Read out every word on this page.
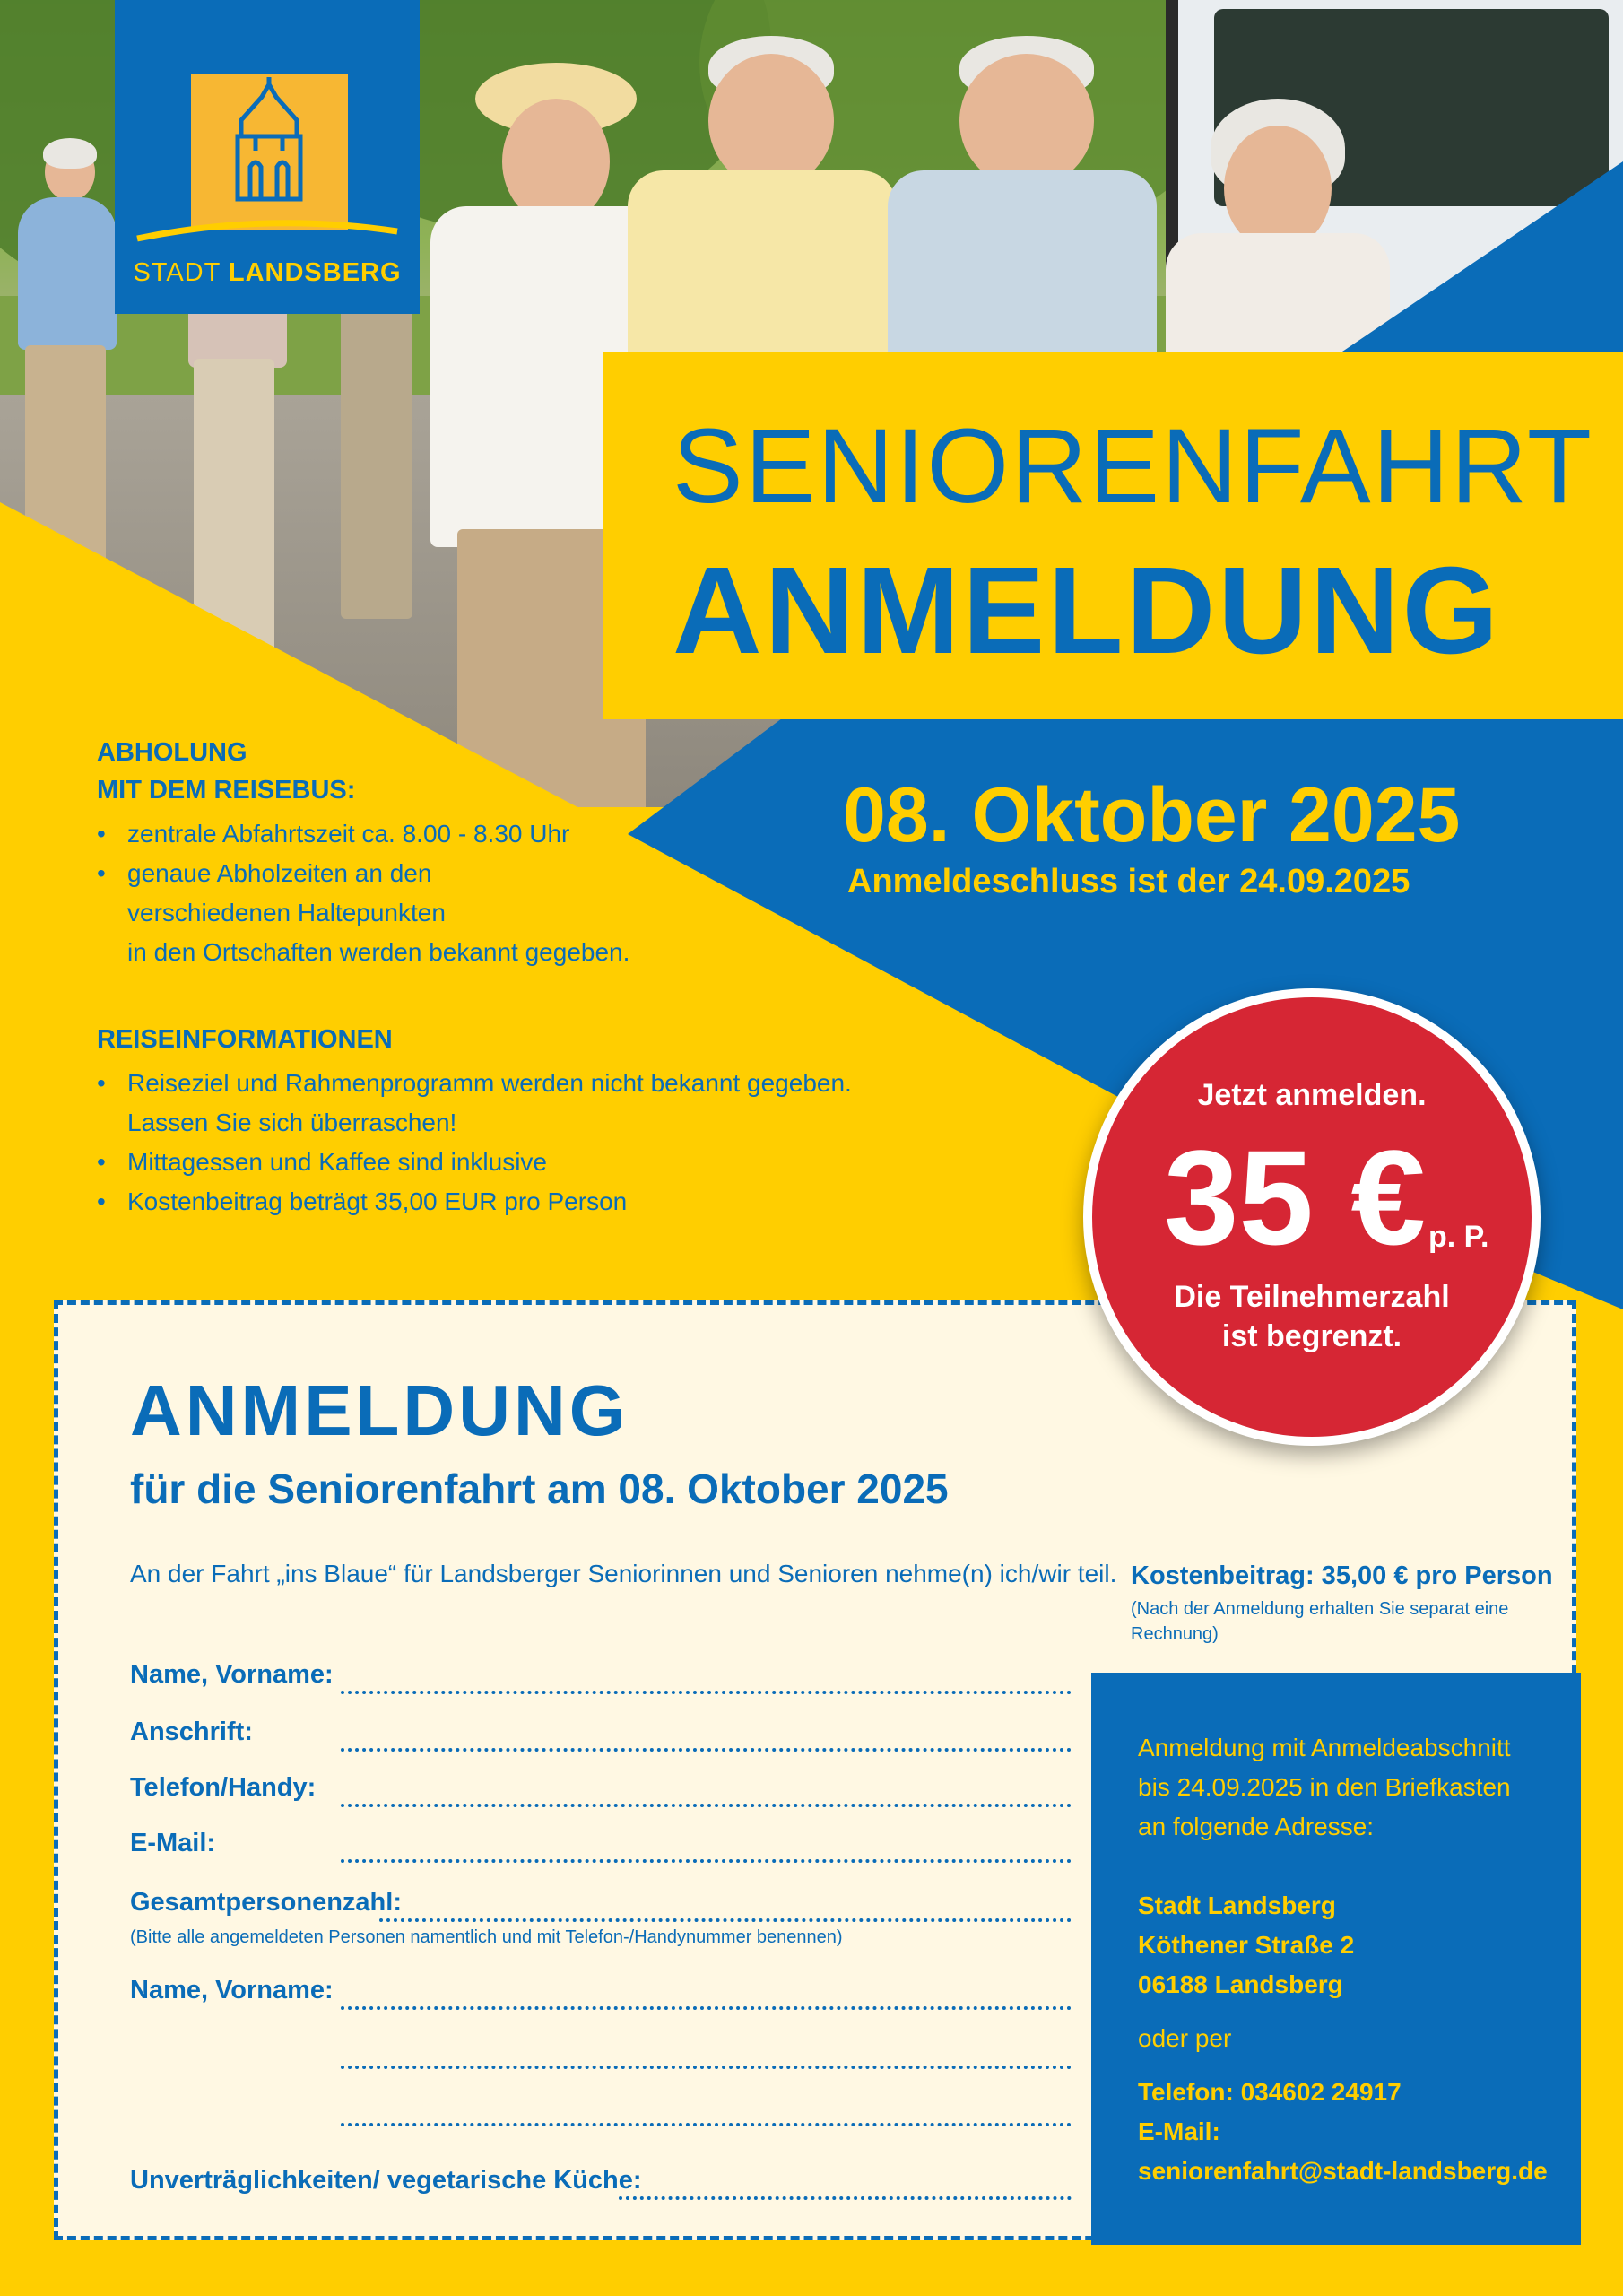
STADT LANDSBERG
SENIORENFAHRT
ANMELDUNG
08. Oktober 2025
Anmeldeschluss ist der 24.09.2025
ABHOLUNG
MIT DEM REISEBUS:
• zentrale Abfahrtszeit ca. 8.00 - 8.30 Uhr
• genaue Abholzeiten an den
verschiedenen Haltepunkten
in den Ortschaften werden bekannt gegeben.
REISEINFORMATIONEN
• Reiseziel und Rahmenprogramm werden nicht bekannt gegeben.
Lassen Sie sich überraschen!
• Mittagessen und Kaffee sind inklusive
• Kostenbeitrag beträgt 35,00 EUR pro Person
ANMELDUNG
für die Seniorenfahrt am 08. Oktober 2025
An der Fahrt „ins Blaue“ für Landsberger Seniorinnen und Senioren nehme(n) ich/wir teil.
Name, Vorname:
Anschrift:
Telefon/Handy:
E-Mail:
Gesamtpersonenzahl:
(Bitte alle angemeldeten Personen namentlich und mit Telefon-/Handynummer benennen)
Name, Vorname:
Unverträglichkeiten/ vegetarische Küche:
Kostenbeitrag: 35,00 € pro Person
(Nach der Anmeldung erhalten Sie separat eine Rechnung)

Anmeldung mit Anmeldeabschnitt

bis 24.09.2025 in den Briefkasten

an folgende Adresse:

Stadt Landsberg

Köthener Straße 2

06188 Landsberg

oder per

Telefon: 034602 24917

E-Mail:

seniorenfahrt@stadt-landsberg.de

Jetzt anmelden.
35 € p. P.
Die Teilnehmerzahl
ist begrenzt.
